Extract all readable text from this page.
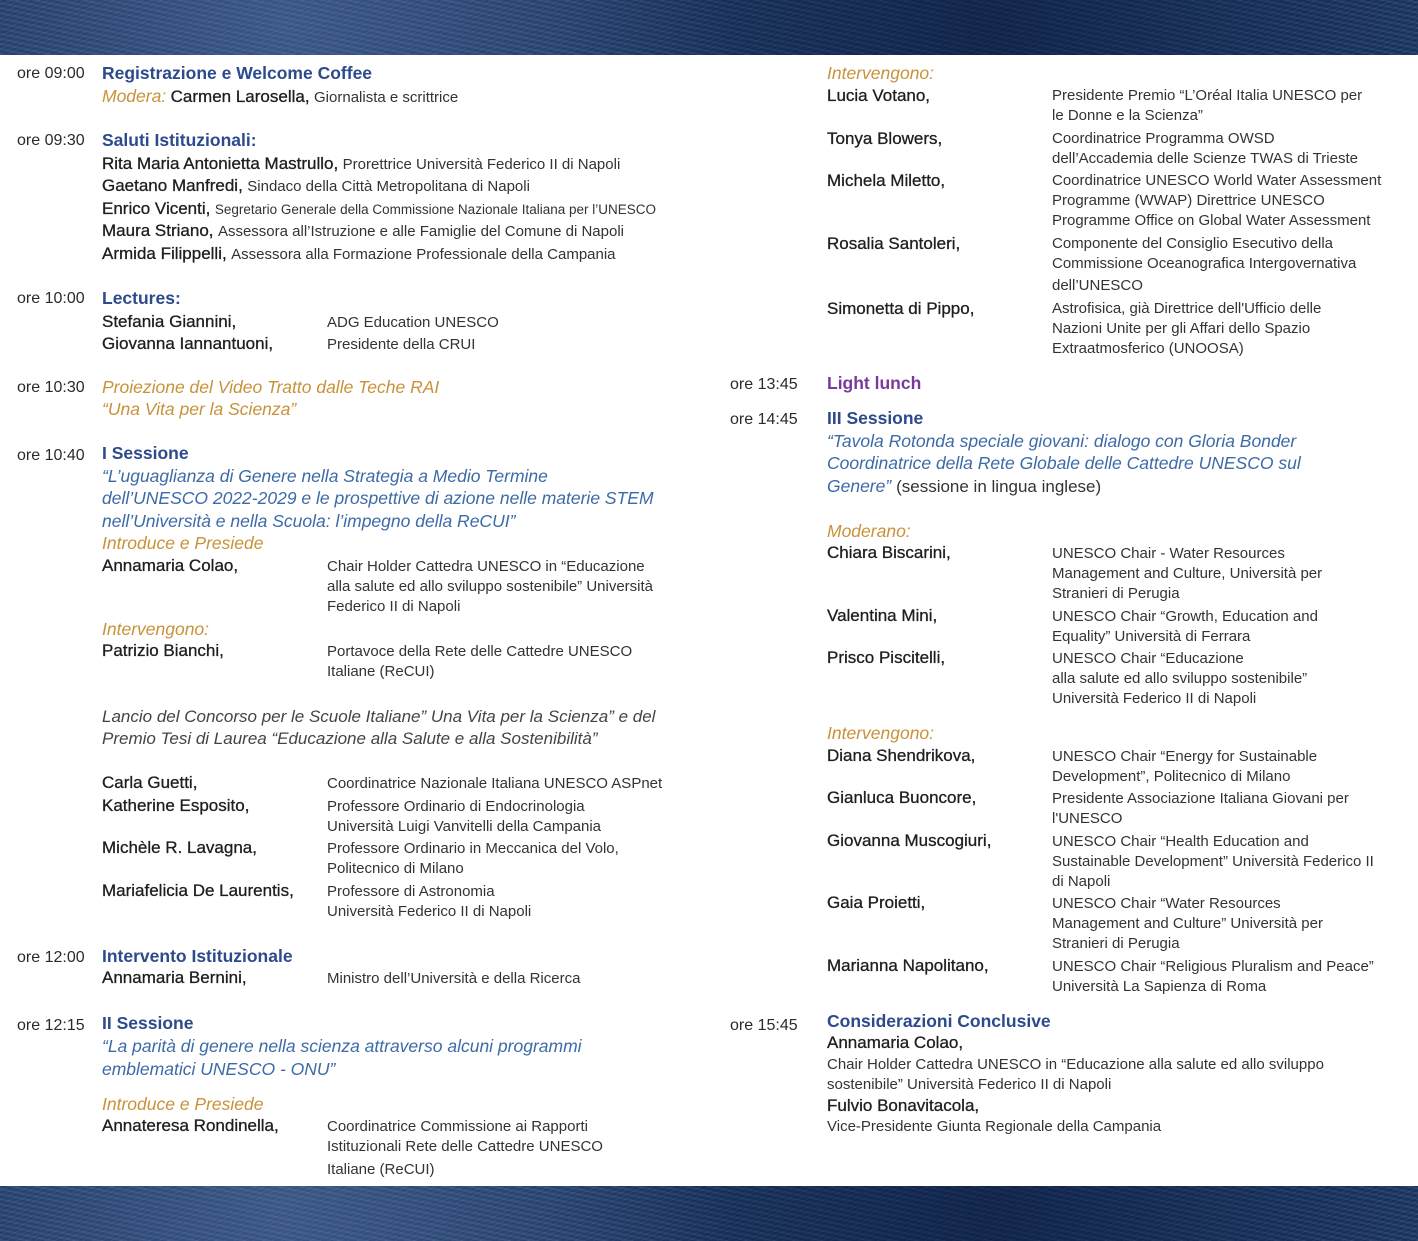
ore 09:00 Registrazione e Welcome Coffee
Modera: Carmen Larosella, Giornalista e scrittrice
ore 09:30 Saluti Istituzionali:
Rita Maria Antonietta Mastrullo, Prorettrice Università Federico II di Napoli
Gaetano Manfredi, Sindaco della Città Metropolitana di Napoli
Enrico Vicenti, Segretario Generale della Commissione Nazionale Italiana per l’UNESCO
Maura Striano, Assessora all’Istruzione e alle Famiglie del Comune di Napoli
Armida Filippelli, Assessora alla Formazione Professionale della Campania
ore 10:00 Lectures:
Stefania Giannini,	ADG Education UNESCO
Giovanna Iannantuoni,	Presidente della CRUI
ore 10:30 Proiezione del Video Tratto dalle Teche RAI
“Una Vita per la Scienza”
ore 10:40 I Sessione
“L’uguaglianza di Genere nella Strategia a Medio Termine
dell’UNESCO 2022-2029 e le prospettive di azione nelle materie STEM
nell’Università e nella Scuola: l’impegno della ReCUI”
Introduce e Presiede
Annamaria Colao,	Chair Holder Cattedra UNESCO in “Educazione
alla salute ed allo sviluppo sostenibile” Università
Federico II di Napoli
Intervengono:
Patrizio Bianchi,	Portavoce della Rete delle Cattedre UNESCO
Italiane (ReCUI)
Lancio del Concorso per le Scuole Italiane” Una Vita per la Scienza” e del
Premio Tesi di Laurea “Educazione alla Salute e alla Sostenibilità”
Carla Guetti,	Coordinatrice Nazionale Italiana UNESCO ASPnet
Katherine Esposito,	Professore Ordinario di Endocrinologia
Università Luigi Vanvitelli della Campania
Michèle R. Lavagna,	Professore Ordinario in Meccanica del Volo,
Politecnico di Milano
Mariafelicia De Laurentis, Professore di Astronomia
Università Federico II di Napoli
ore 12:00 Intervento Istituzionale
Annamaria Bernini,	Ministro dell’Università e della Ricerca
ore 12:15 II Sessione
“La parità di genere nella scienza attraverso alcuni programmi
emblematici UNESCO - ONU”
Introduce e Presiede
Annateresa Rondinella,	Coordinatrice Commissione ai Rapporti
Istituzionali Rete delle Cattedre UNESCO
Italiane (ReCUI)
Intervengono:
Lucia Votano,	Presidente Premio “L’Oréal Italia UNESCO per
le Donne e la Scienza”
Tonya Blowers,	Coordinatrice Programma OWSD
dell’Accademia delle Scienze TWAS di Trieste
Michela Miletto,	Coordinatrice UNESCO World Water Assessment
Programme (WWAP) Direttrice UNESCO
Programme Office on Global Water Assessment
Rosalia Santoleri,	Componente del Consiglio Esecutivo della
Commissione Oceanografica Intergovernativa
dell’UNESCO
Simonetta di Pippo,	Astrofisica, già Direttrice dell'Ufficio delle
Nazioni Unite per gli Affari dello Spazio
Extraatmosferico (UNOOSA)
ore 13:45 Light lunch
ore 14:45 III Sessione
“Tavola Rotonda speciale giovani: dialogo con Gloria Bonder
Coordinatrice della Rete Globale delle Cattedre UNESCO sul
Genere” (sessione in lingua inglese)
Moderano:
Chiara Biscarini,	UNESCO Chair - Water Resources
Management and Culture, Università per
Stranieri di Perugia
Valentina Mini,	UNESCO Chair “Growth, Education and
Equality” Università di Ferrara
Prisco Piscitelli,	UNESCO Chair “Educazione
alla salute ed allo sviluppo sostenibile”
Università Federico II di Napoli
Intervengono:
Diana Shendrikova,	UNESCO Chair “Energy for Sustainable
Development”, Politecnico di Milano
Gianluca Buoncore,	Presidente Associazione Italiana Giovani per
l'UNESCO
Giovanna Muscogiuri,	UNESCO Chair “Health Education and
Sustainable Development” Università Federico II
di Napoli
Gaia Proietti,	UNESCO Chair “Water Resources
Management and Culture” Università per
Stranieri di Perugia
Marianna Napolitano,	UNESCO Chair “Religious Pluralism and Peace”
Università La Sapienza di Roma
ore 15:45 Considerazioni Conclusive
Annamaria Colao,
Chair Holder Cattedra UNESCO in “Educazione alla salute ed allo sviluppo
sostenibile” Università Federico II di Napoli
Fulvio Bonavitacola,
Vice-Presidente Giunta Regionale della Campania
